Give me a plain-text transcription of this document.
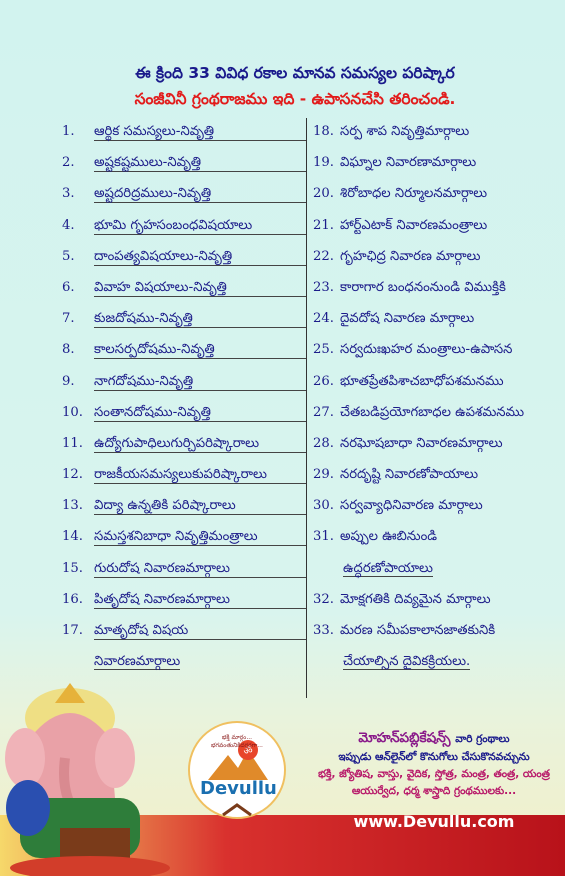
ఈ క్రింది 33 వివిధ రకాల మానవ సమస్యల పరిష్కార
సంజీవినీ గ్రంథరాజము ఇది - ఉపాసనచేసి తరించండి.
1.	ఆర్థిక సమస్యలు-నివృత్తి
2.	అష్టకష్టములు-నివృత్తి
3.	అష్టదరిద్రములు-నివృత్తి
4.	భూమి గృహసంబంధవిషయాలు
5.	దాంపత్యవిషయాలు-నివృత్తి
6.	వివాహ విషయాలు-నివృత్తి
7.	కుజదోషము-నివృత్తి
8.	కాలసర్పదోషము-నివృత్తి
9.	నాగదోషము-నివృత్తి
10. సంతానదోషము-నివృత్తి
11. ఉద్యోగుపాధిలుగుర్చిపరిష్కారాలు
12. రాజకీయసమస్యలుకుపరిష్కారాలు
13. విద్యా ఉన్నతికి పరిష్కారాలు
14. సమస్తశనిబాధా నివృత్తిమంత్రాలు
15. గురుదోష నివారణమార్గాలు
16. పితృదోష నివారణమార్గాలు
17. మాతృదోష విషయ
నివారణమార్గాలు
18. సర్ప శాప నివృత్తిమార్గాలు
19. విఘ్నాల నివారణామార్గాలు
20. శిరోబాధల నిర్మూలనమార్గాలు
21. హార్ట్ఎటాక్ నివారణమంత్రాలు
22. గృహఛిద్ర నివారణ మార్గాలు
23. కారాగార బంధనంనుండి విముక్తికి
24. దైవదోష నివారణ మార్గాలు
25. సర్వదుఃఖహర మంత్రాలు-ఉపాసన
26. భూతప్రేతపిశాచబాధోపశమనము
27. చేతబడిప్రయోగబాధల ఉపశమనము
28. నరఘోషబాధా నివారణమార్గాలు
29. నరదృష్టి నివారణోపాయాలు
30. సర్వవ్యాధినివారణ మార్గాలు
31. అప్పుల ఊబినుండి
ఉద్ధరణోపాయాలు
32. మోక్షగతికి దివ్యమైన మార్గాలు
33. మరణ సమీపకాలానజాతకునికి
చేయాల్సిన దైవికక్రియలు.
ॐ
Devullu
భక్తి మార్గం... భగవంతునికిదగ్గరగా...	మోహన్‌పబ్లికేషన్స్ వారి గ్రంథాలు
ఇప్పుడు ఆన్‌లైన్‌లో కొనుగోలు చేసుకొనవచ్చును
భక్తి, జ్యోతిష, వాస్తు, వైదిక, స్తోత్ర, మంత్ర, తంత్ర, యంత్ర
ఆయుర్వేద, ధర్మ శాస్త్రాది గ్రంథములకు...
www.Devullu.com
